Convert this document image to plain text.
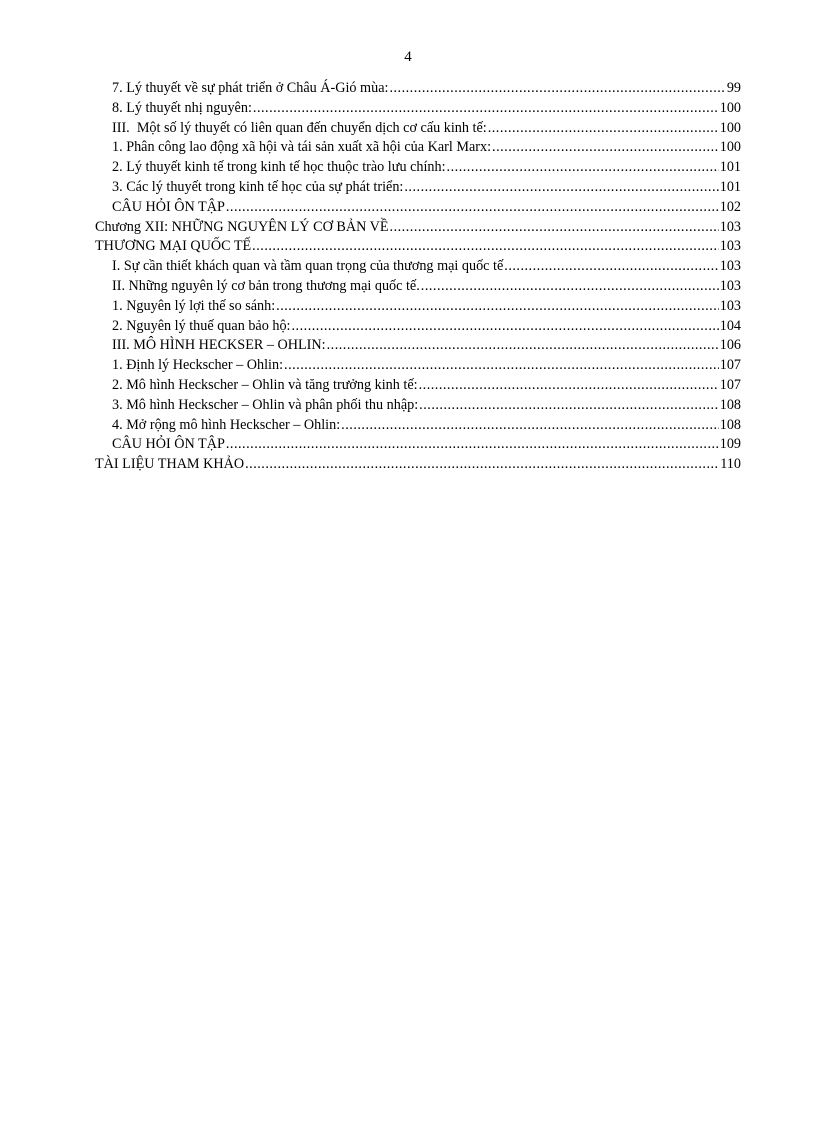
4
7. Lý thuyết về sự phát triển ở Châu Á-Gió mùa: .....	99
8. Lý thuyết nhị nguyên: .....	100
III.  Một số lý thuyết có liên quan đến chuyển dịch cơ cấu kinh tế: .....	100
1. Phân công lao động xã hội và tái sản xuất xã hội của Karl Marx: .....	100
2. Lý thuyết kinh tế trong kinh tế học thuộc trào lưu chính: .....	101
3. Các lý thuyết trong kinh tế học của sự phát triển: .....	101
CÂU HỎI ÔN TẬP .....	102
Chương XII: NHỮNG NGUYÊN LÝ CƠ BẢN VỀ .....	103
THƯƠNG MẠI QUỐC TẾ .....	103
I. Sự cần thiết khách quan và tầm quan trọng của thương mại quốc tế .....	103
II. Những nguyên lý cơ bản trong thương mại quốc tế. .....	103
1. Nguyên lý lợi thế so sánh: .....	103
2. Nguyên lý thuế quan bảo hộ: .....	104
III. MÔ HÌNH HECKSER – OHLIN: .....	106
1. Định lý Heckscher – Ohlin: .....	107
2. Mô hình Heckscher – Ohlin và tăng trưởng kinh tế: .....	107
3. Mô hình Heckscher – Ohlin và phân phối thu nhập: .....	108
4. Mở rộng mô hình Heckscher – Ohlin: .....	108
CÂU HỎI ÔN TẬP .....	109
TÀI LIỆU THAM KHẢO .....	110
